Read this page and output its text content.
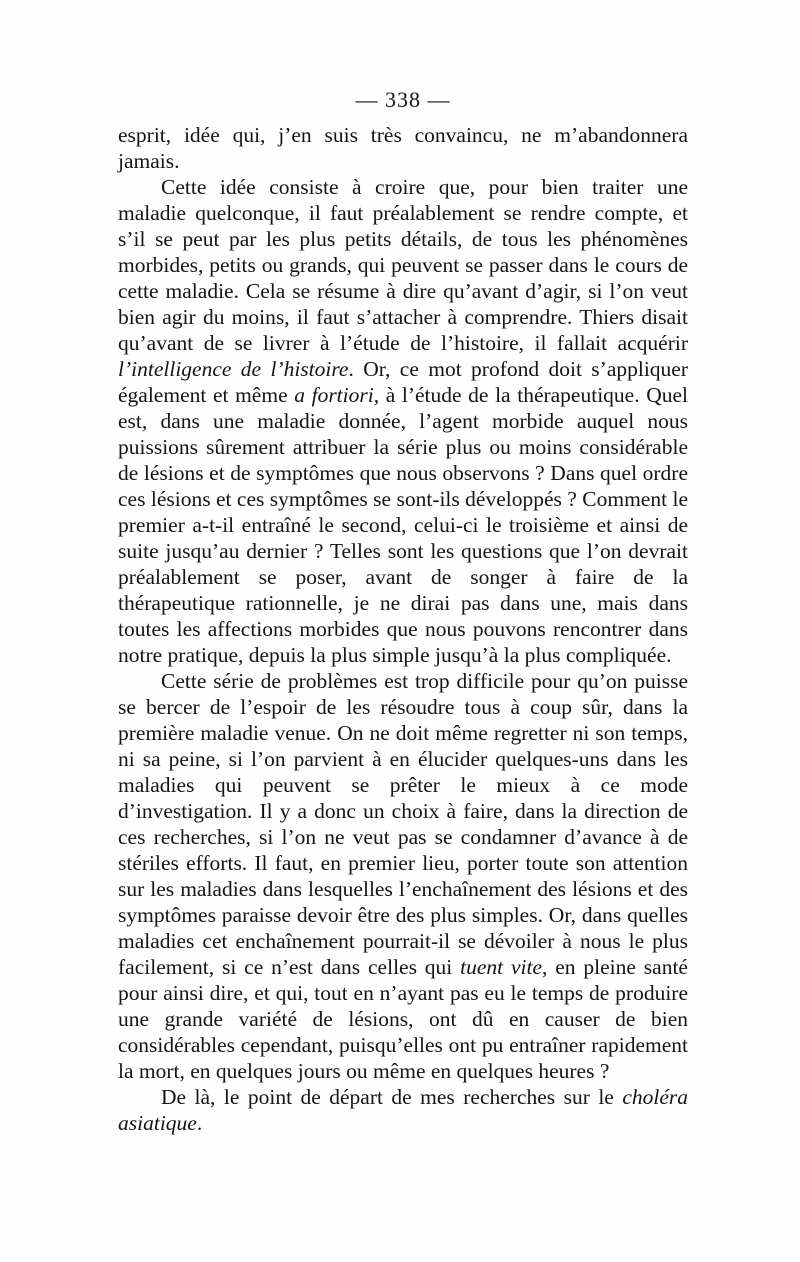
— 338 —

esprit, idée qui, j’en suis très convaincu, ne m’abandonnera jamais.

Cette idée consiste à croire que, pour bien traiter une maladie quelconque, il faut préalablement se rendre compte, et s’il se peut par les plus petits détails, de tous les phénomènes morbides, petits ou grands, qui peuvent se passer dans le cours de cette maladie. Cela se résume à dire qu’avant d’agir, si l’on veut bien agir du moins, il faut s’attacher à comprendre. Thiers disait qu’avant de se livrer à l’étude de l’histoire, il fallait acquérir l’intelligence de l’histoire. Or, ce mot profond doit s’appliquer également et même a fortiori, à l’étude de la thérapeutique. Quel est, dans une maladie donnée, l’agent morbide auquel nous puissions sûrement attribuer la série plus ou moins considérable de lésions et de symptômes que nous observons ? Dans quel ordre ces lésions et ces symptômes se sont-ils développés ? Comment le premier a-t-il entraîné le second, celui-ci le troisième et ainsi de suite jusqu’au dernier ? Telles sont les questions que l’on devrait préalablement se poser, avant de songer à faire de la thérapeutique rationnelle, je ne dirai pas dans une, mais dans toutes les affections morbides que nous pouvons rencontrer dans notre pratique, depuis la plus simple jusqu’à la plus compliquée.

Cette série de problèmes est trop difficile pour qu’on puisse se bercer de l’espoir de les résoudre tous à coup sûr, dans la première maladie venue. On ne doit même regretter ni son temps, ni sa peine, si l’on parvient à en élucider quelques-uns dans les maladies qui peuvent se prêter le mieux à ce mode d’investigation. Il y a donc un choix à faire, dans la direction de ces recherches, si l’on ne veut pas se condamner d’avance à de stériles efforts. Il faut, en premier lieu, porter toute son attention sur les maladies dans lesquelles l’enchaînement des lésions et des symptômes paraisse devoir être des plus simples. Or, dans quelles maladies cet enchaînement pourrait-il se dévoiler à nous le plus facilement, si ce n’est dans celles qui tuent vite, en pleine santé pour ainsi dire, et qui, tout en n’ayant pas eu le temps de produire une grande variété de lésions, ont dû en causer de bien considérables cependant, puisqu’elles ont pu entraîner rapidement la mort, en quelques jours ou même en quelques heures ?

De là, le point de départ de mes recherches sur le choléra asiatique.
